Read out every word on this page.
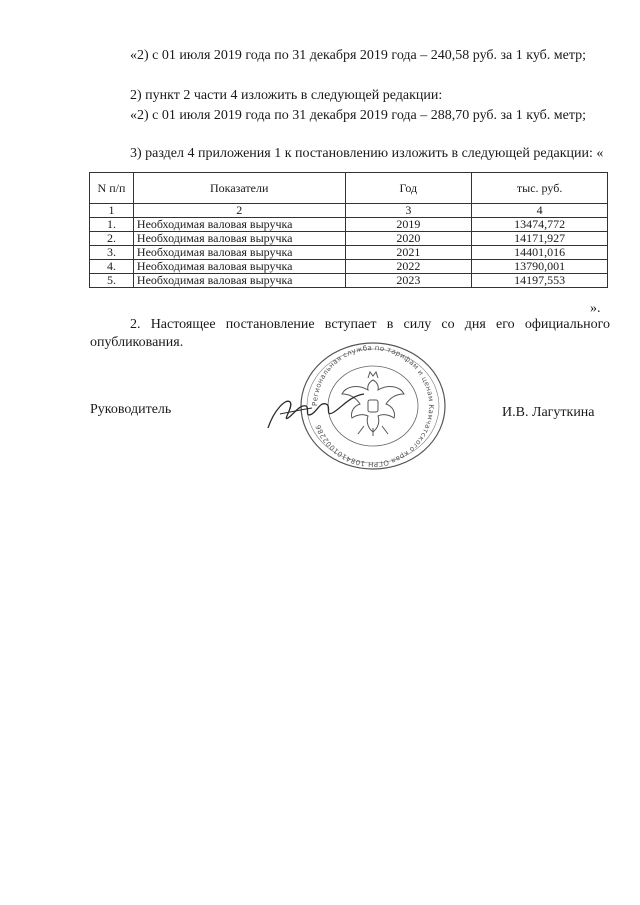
«2) с 01 июля 2019 года по 31 декабря 2019 года – 240,58 руб. за 1 куб. метр;

2) пункт 2 части 4 изложить в следующей редакции:

«2) с 01 июля 2019 года по 31 декабря 2019 года – 288,70 руб. за 1 куб. метр;

3) раздел 4 приложения 1 к постановлению изложить в следующей редакции: «

N п/п	Показатели	Год	тыс. руб.
1	2	3	4
1.	Необходимая валовая выручка	2019	13474,772
2.	Необходимая валовая выручка	2020	14171,927
3.	Необходимая валовая выручка	2021	14401,016
4.	Необходимая валовая выручка	2022	13790,001
5.	Необходимая валовая выручка	2023	14197,553
».

2. Настоящее постановление вступает в силу со дня его официального опубликования.

Руководитель	Региональная служба по тарифам и ценам Камчатского края ОГРН 1084101002286
И.В. Лагуткина
